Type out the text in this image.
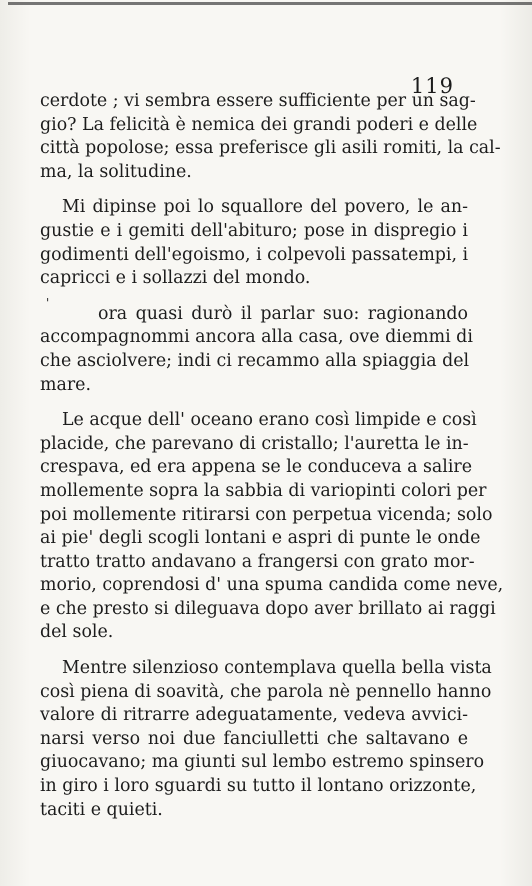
119
'

cerdote ; vi sembra essere sufficiente per un sag-
gio? La felicità è nemica dei grandi poderi e delle
città popolose; essa preferisce gli asili romiti, la cal-
ma, la solitudine.

Mi dipinse poi lo squallore del povero, le an-
gustie e i gemiti dell'abituro; pose in dispregio i
godimenti dell'egoismo, i colpevoli passatempi, i
capricci e i sollazzi del mondo.

ora quasi durò il parlar suo: ragionando
accompagnommi ancora alla casa, ove diemmi di
che asciolvere; indi ci recammo alla spiaggia del
mare.

Le acque dell' oceano erano così limpide e così
placide, che parevano di cristallo; l'auretta le in-
crespava, ed era appena se le conduceva a salire
mollemente sopra la sabbia di variopinti colori per
poi mollemente ritirarsi con perpetua vicenda; solo
ai pie' degli scogli lontani e aspri di punte le onde
tratto tratto andavano a frangersi con grato mor-
morio, coprendosi d' una spuma candida come neve,
e che presto si dileguava dopo aver brillato ai raggi
del sole.

Mentre silenzioso contemplava quella bella vista
così piena di soavità, che parola nè pennello hanno
valore di ritrarre adeguatamente, vedeva avvici-
narsi verso noi due fanciulletti che saltavano e
giuocavano; ma giunti sul lembo estremo spinsero
in giro i loro sguardi su tutto il lontano orizzonte,
taciti e quieti.
